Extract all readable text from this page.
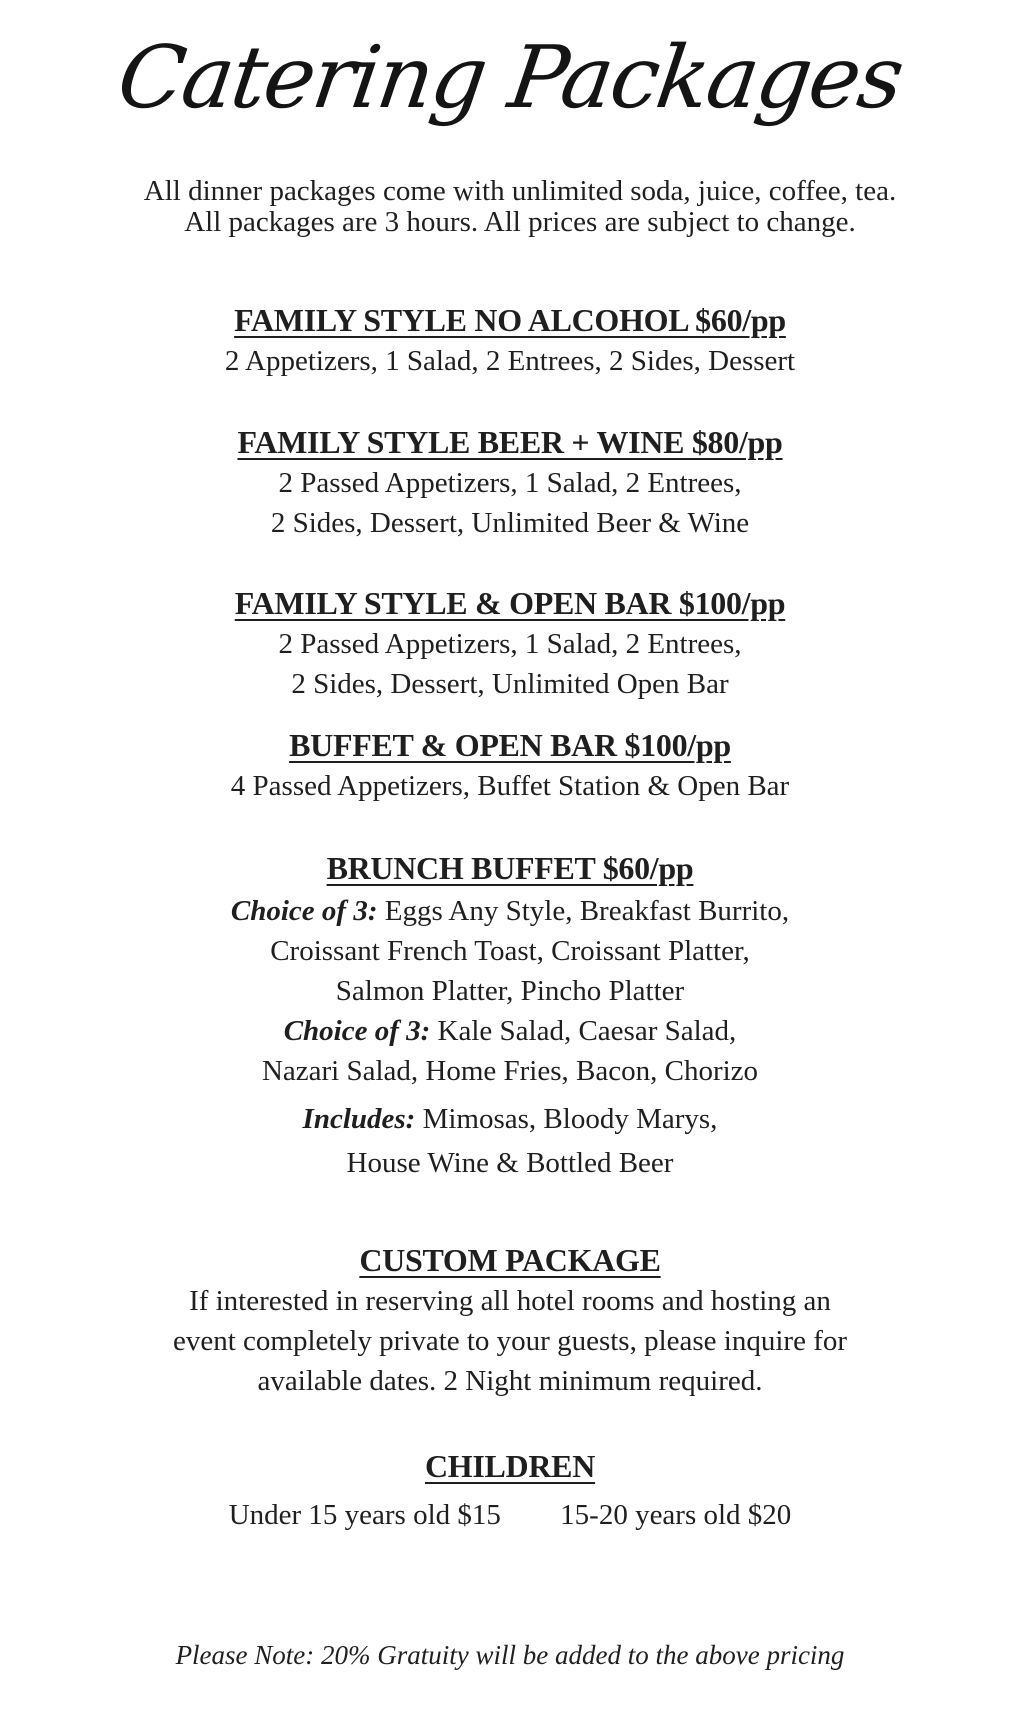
Catering Packages
All dinner packages come with unlimited soda, juice, coffee, tea. All packages are 3 hours. All prices are subject to change.
FAMILY STYLE NO ALCOHOL $60/pp

2 Appetizers, 1 Salad, 2 Entrees, 2 Sides, Dessert

FAMILY STYLE BEER + WINE $80/pp

2 Passed Appetizers, 1 Salad, 2 Entrees,

2 Sides, Dessert, Unlimited Beer & Wine

FAMILY STYLE & OPEN BAR $100/pp

2 Passed Appetizers, 1 Salad, 2 Entrees,

2 Sides, Dessert, Unlimited Open Bar

BUFFET & OPEN BAR $100/pp

4 Passed Appetizers, Buffet Station & Open Bar

BRUNCH BUFFET $60/pp

Choice of 3: Eggs Any Style, Breakfast Burrito,

Croissant French Toast, Croissant Platter,

Salmon Platter, Pincho Platter

Choice of 3: Kale Salad, Caesar Salad,

Nazari Salad, Home Fries, Bacon, Chorizo

Includes: Mimosas, Bloody Marys,

House Wine & Bottled Beer

CUSTOM PACKAGE

If interested in reserving all hotel rooms and hosting an

event completely private to your guests, please inquire for

available dates. 2 Night minimum required.

CHILDREN
Under 15 years old $15 15-20 years old $20
Please Note: 20% Gratuity will be added to the above pricing
